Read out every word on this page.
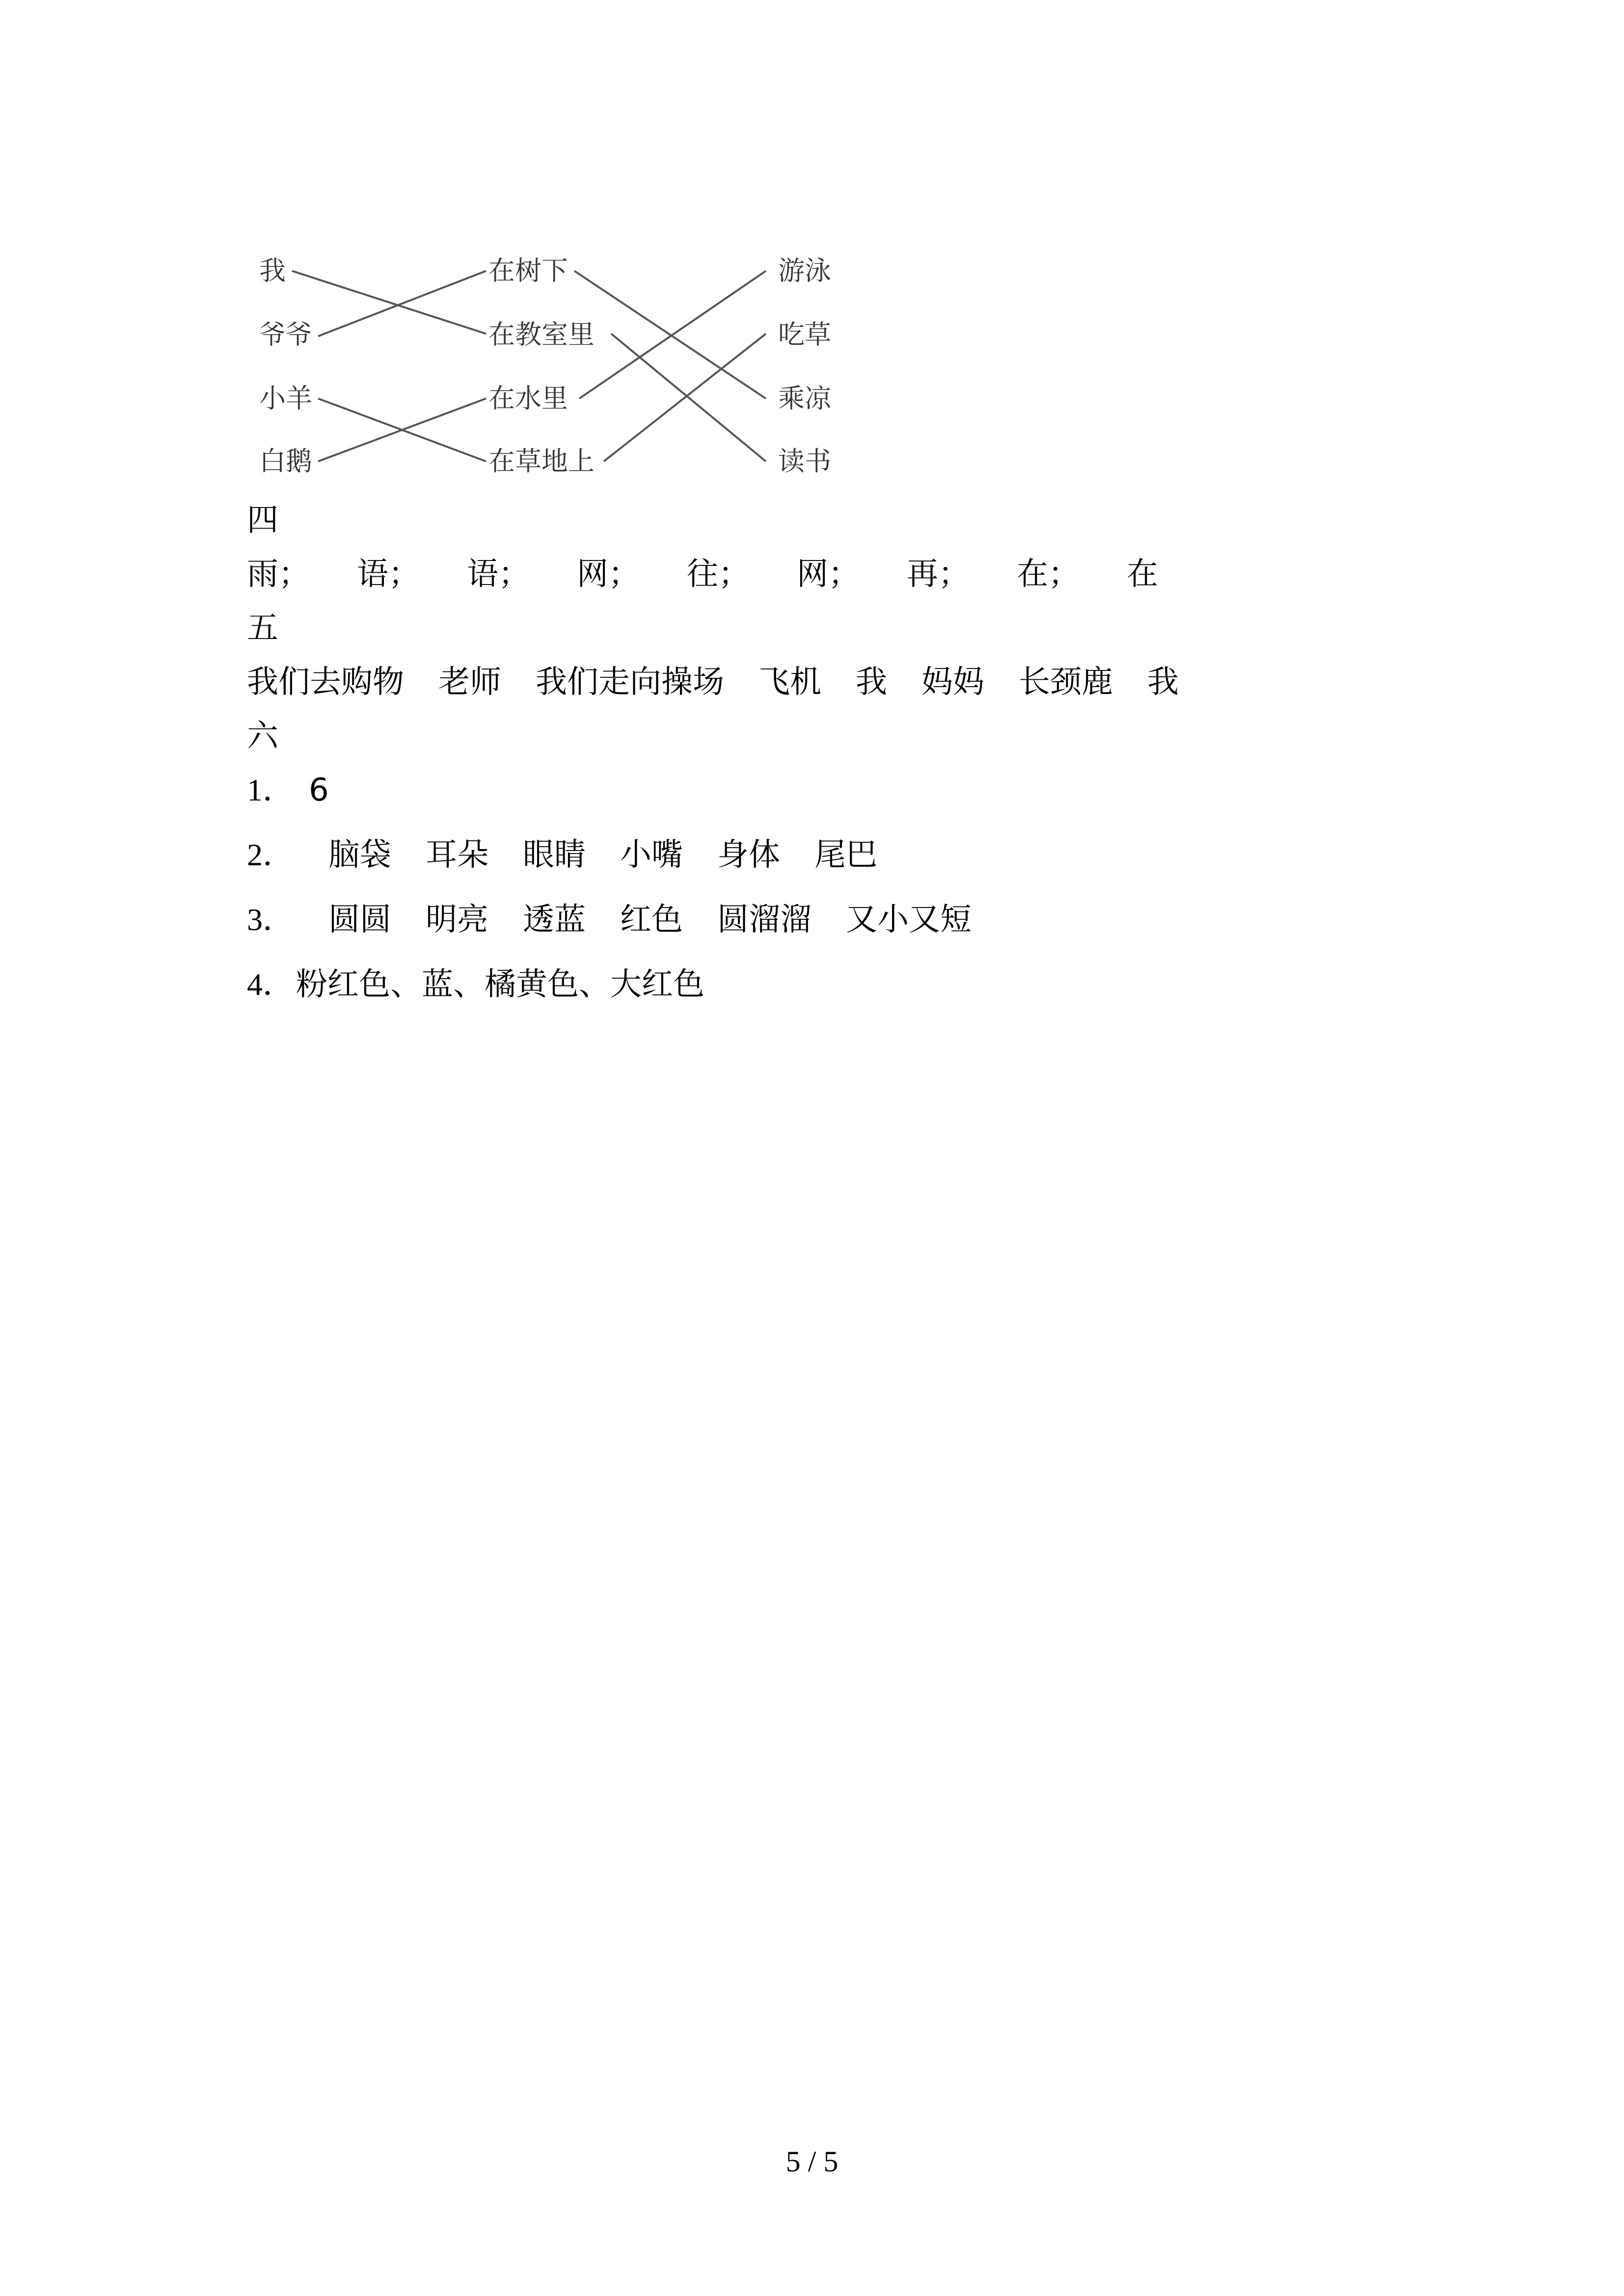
我
爷爷
小羊
白鹅
在树下
在教室里
在水里
在草地上
游泳
吃草
乘凉
读书
四
雨； 语； 语； 网； 往； 网； 再； 在； 在
五
我们去购物 老师 我们走向操场 飞机 我 妈妈 长颈鹿 我
六
1． 6
2． 脑袋 耳朵 眼睛 小嘴 身体 尾巴
3． 圆圆 明亮 透蓝 红色 圆溜溜 又小又短
4． 粉红色、蓝、橘黄色、大红色
5 / 5
